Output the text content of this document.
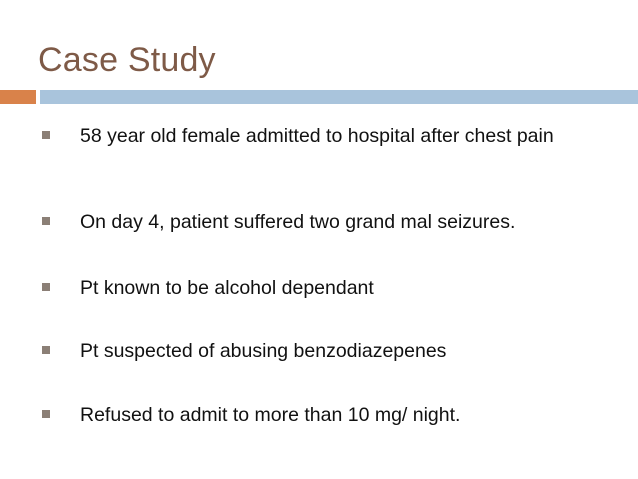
Case Study
58 year old female admitted to hospital after chest pain
On day 4, patient suffered two grand mal seizures.
Pt known to be alcohol dependant
Pt suspected of abusing benzodiazepenes
Refused to admit to more than 10 mg/ night.
